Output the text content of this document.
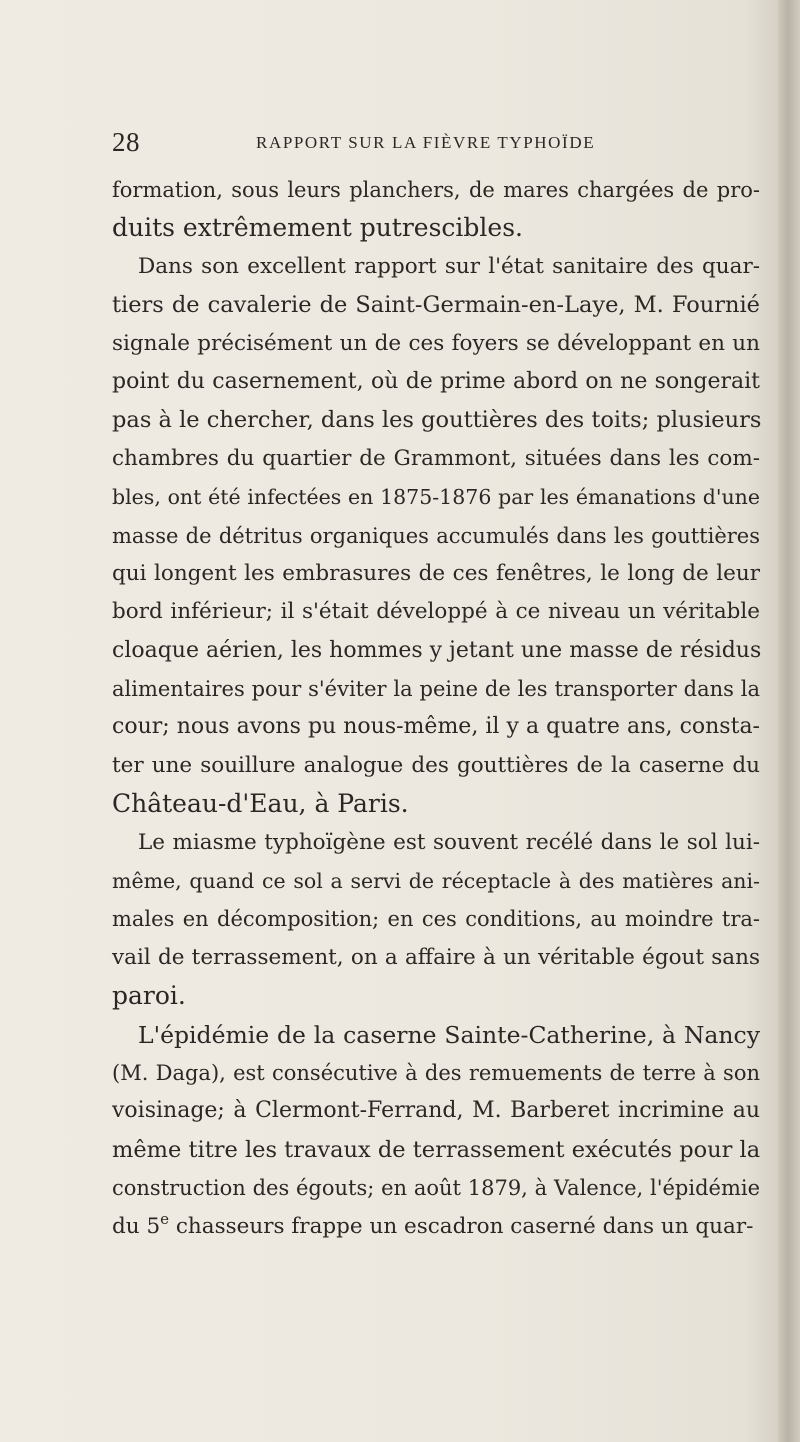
28	RAPPORT SUR LA FIÈVRE TYPHOÏDE
formation, sous leurs planchers, de mares chargées de pro-
duits extrêmement putrescibles.
Dans son excellent rapport sur l'état sanitaire des quar-
tiers de cavalerie de Saint-Germain-en-Laye, M. Fournié
signale précisément un de ces foyers se développant en un
point du casernement, où de prime abord on ne songerait
pas à le chercher, dans les gouttières des toits; plusieurs
chambres du quartier de Grammont, situées dans les com-
bles, ont été infectées en 1875-1876 par les émanations d'une
masse de détritus organiques accumulés dans les gouttières
qui longent les embrasures de ces fenêtres, le long de leur
bord inférieur; il s'était développé à ce niveau un véritable
cloaque aérien, les hommes y jetant une masse de résidus
alimentaires pour s'éviter la peine de les transporter dans la
cour; nous avons pu nous-même, il y a quatre ans, consta-
ter une souillure analogue des gouttières de la caserne du
Château-d'Eau, à Paris.
Le miasme typhoïgène est souvent recélé dans le sol lui-
même, quand ce sol a servi de réceptacle à des matières ani-
males en décomposition; en ces conditions, au moindre tra-
vail de terrassement, on a affaire à un véritable égout sans
paroi.
L'épidémie de la caserne Sainte-Catherine, à Nancy
(M. Daga), est consécutive à des remuements de terre à son
voisinage; à Clermont-Ferrand, M. Barberet incrimine au
même titre les travaux de terrassement exécutés pour la
construction des égouts; en août 1879, à Valence, l'épidémie
du 5e chasseurs frappe un escadron caserné dans un quar-
